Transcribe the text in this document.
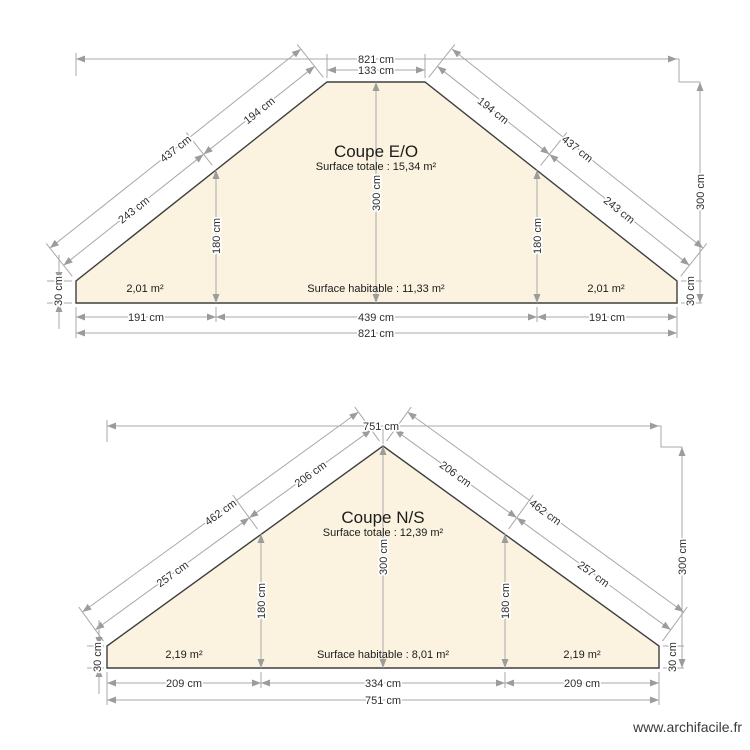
821 cm
133 cm
194 cm
437 cm
243 cm
194 cm
437 cm
243 cm
300 cm	300 cm
180 cm	180 cm
30 cm	30 cm
191 cm	439 cm	191 cm
821 cm
Coupe E/O
Surface totale : 15,34 m²
Surface habitable : 11,33 m²
2,01 m²	2,01 m²
751 cm
206 cm
462 cm
257 cm
206 cm
462 cm
257 cm
300 cm	300 cm
180 cm	180 cm
30 cm	30 cm
209 cm	334 cm	209 cm
751 cm
Coupe N/S
Surface totale : 12,39 m²
Surface habitable : 8,01 m²
2,19 m²	2,19 m²
www.archifacile.fr
